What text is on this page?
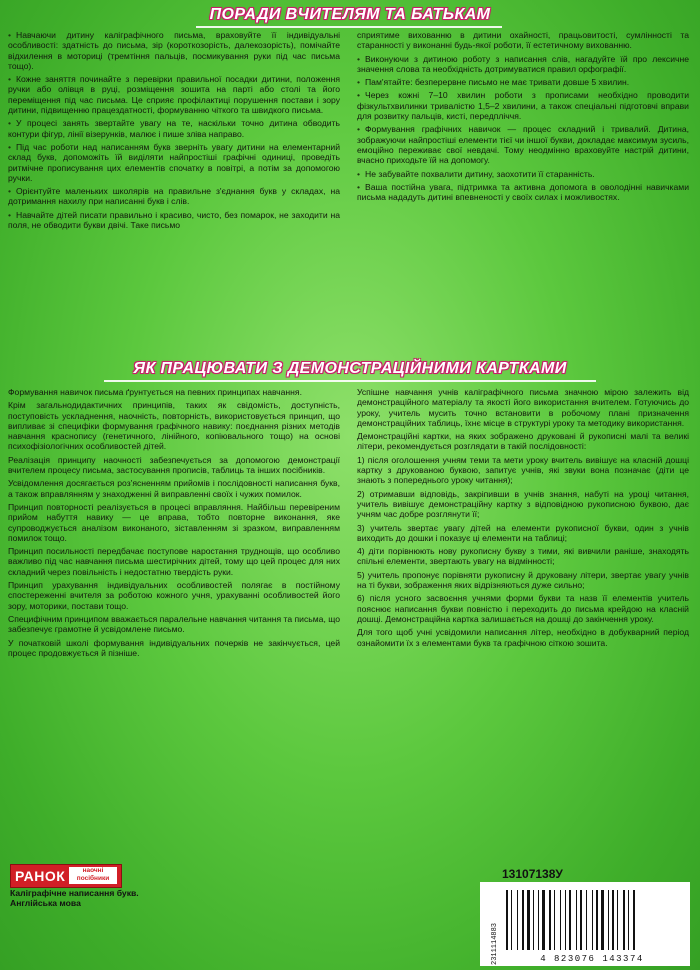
ПОРАДИ ВЧИТЕЛЯМ ТА БАТЬКАМ

• Навчаючи дитину каліграфічного письма, враховуйте її індивідуальні особливості: здатність до письма, зір (короткозорість, далекозорість), помічайте відхилення в моториці (тремтіння пальців, посмикування руки під час письма тощо).

• Кожне заняття починайте з перевірки правильної посадки дитини, положення ручки або олівця в руці, розміщення зошита на парті або столі та його переміщення під час письма. Це сприяє профілактиці порушення постави і зору дитини, підвищенню працездатності, формуванню чіткого та швидкого письма.

• У процесі занять звертайте увагу на те, наскільки точно дитина обводить контури фігур, лінії візерунків, малює і пише зліва направо.

• Під час роботи над написанням букв зверніть увагу дитини на елементарний склад букв, допоможіть їй виділяти найпростіші графічні одиниці, проведіть ритмічне прописування цих елементів спочатку в повітрі, а потім за допомогою ручки.

• Орієнтуйте маленьких школярів на правильне з'єднання букв у складах, на дотримання нахилу при написанні букв і слів.

• Навчайте дітей писати правильно і красиво, чисто, без помарок, не заходити на поля, не обводити букви двічі. Таке письмо

сприятиме вихованню в дитини охайності, працьовитості, сумлінності та старанності у виконанні будь-якої роботи, її естетичному вихованню.

• Виконуючи з дитиною роботу з написання слів, нагадуйте їй про лексичне значення слова та необхідність дотримуватися правил орфографії.

• Пам'ятайте: безперервне письмо не має тривати довше 5 хвилин.

• Через кожні 7–10 хвилин роботи з прописами необхідно проводити фізкультхвилинки тривалістю 1,5–2 хвилини, а також спеціальні підготовчі вправи для розвитку пальців, кисті, передпліччя.

• Формування графічних навичок — процес складний і тривалий. Дитина, зображуючи найпростіші елементи тієї чи іншої букви, докладає максимум зусиль, емоційно переживає свої невдачі. Тому неодмінно враховуйте настрій дитини, вчасно приходьте їй на допомогу.

• Не забувайте похвалити дитину, заохотити її старанність.

• Ваша постійна увага, підтримка та активна допомога в оволодінні навичками письма нададуть дитині впевненості у своїх силах і можливостях.

ЯК ПРАЦЮВАТИ З ДЕМОНСТРАЦІЙНИМИ КАРТКАМИ

Формування навичок письма ґрунтується на певних принципах навчання.

Крім загальнодидактичних принципів, таких як свідомість, доступність, поступовість ускладнення, наочність, повторність, використовується принцип, що випливає зі специфіки формування графічного навику: поєднання різних методів навчання краснопису (генетичного, лінійного, копіювального тощо) на основі психофізіологічних особливостей дітей.

Реалізація принципу наочності забезпечується за допомогою демонстрації вчителем процесу письма, застосування прописів, таблиць та інших посібників.

Усвідомлення досягається роз'ясненням прийомів і послідовності написання букв, а також вправлянням у знаходженні й виправленні своїх і чужих помилок.

Принцип повторності реалізується в процесі вправляння. Найбільш перевіреним прийом набуття навику — це вправа, тобто повторне виконання, яке супроводжується аналізом виконаного, зіставленням зі зразком, виправленням помилок тощо.

Принцип посильності передбачає поступове наростання труднощів, що особливо важливо під час навчання письма шестирічних дітей, тому що цей процес для них складний через повільність і недостатню твердість руки.

Принцип урахування індивідуальних особливостей полягає в постійному спостереженні вчителя за роботою кожного учня, урахуванні особливостей його зору, моторики, постави тощо.

Специфічним принципом вважається паралельне навчання читання та письма, що забезпечує грамотне й усвідомлене письмо.

У початковій школі формування індивідуальних почерків не закінчується, цей процес продовжується й пізніше.

Успішне навчання учнів каліграфічного письма значною мірою залежить від демонстраційного матеріалу та якості його використання вчителем. Готуючись до уроку, учитель мусить точно встановити в робочому плані призначення демонстраційних таблиць, їхнє місце в структурі уроку та методику використання.

Демонстраційні картки, на яких зображено друковані й рукописні малі та великі літери, рекомендується розглядати в такій послідовності:

1) після оголошення учням теми та мети уроку вчитель вивішує на класній дошці картку з друкованою буквою, запитує учнів, які звуки вона позначає (діти це знають з попереднього уроку читання);

2) отримавши відповідь, закріпивши в учнів знання, набуті на уроці читання, учитель вивішує демонстраційну картку з відповідною рукописною буквою, дає учням час добре розглянути її;

3) учитель звертає увагу дітей на елементи рукописної букви, один з учнів виходить до дошки і показує ці елементи на таблиці;

4) діти порівнюють нову рукописну букву з тими, які вивчили раніше, знаходять спільні елементи, звертають увагу на відмінності;

5) учитель пропонує порівняти рукописну й друковану літери, звертає увагу учнів на ті букви, зображення яких відрізняються дуже сильно;

6) після усного засвоєння учнями форми букви та назв її елементів учитель пояснює написання букви повністю і переходить до письма крейдою на класній дошці. Демонстраційна картка залишається на дошці до закінчення уроку.

Для того щоб учні усвідомили написання літер, необхідно в добукварний період ознайомити їх з елементами букв та графічною сіткою зошита.

РАНОК	наочні посібники
Каліграфічне написання букв.
Англійська мова
13107138У
2311114883	4 823076 143374
